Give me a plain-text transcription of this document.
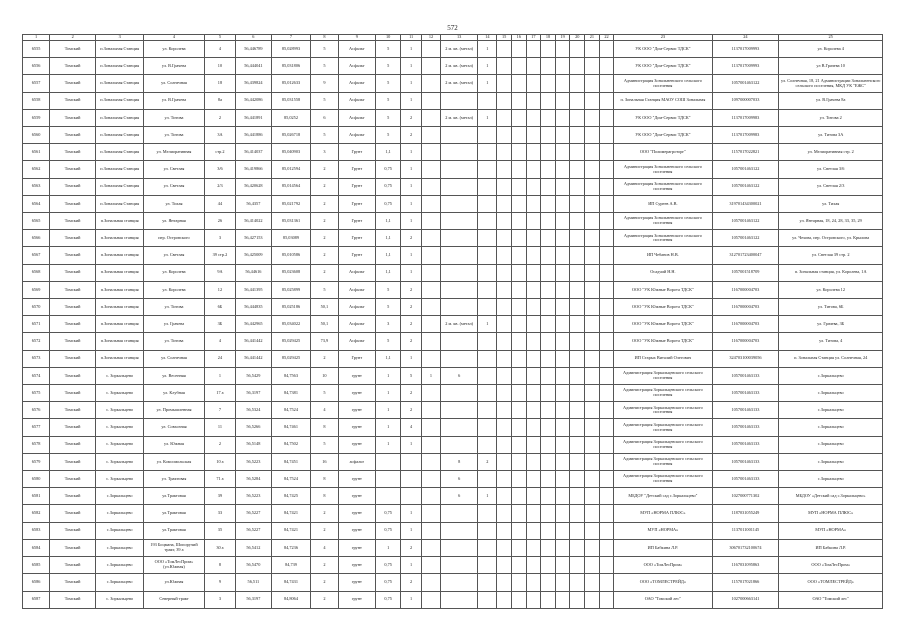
572
1	2	3	4	5	6	7	8	9	10	11	12	13	14	15	16	17	18	19	20	21	22	23	24	25
6555	Томский	п.Зональная Станция	ул. Королева	4	56,446789	85,028993	5	Асфальт	5	1		2 м. кв. (метал)	1									УК ООО "Дом-Сервис ТДСК"	1137017009993	ул. Королева 4
6556	Томский	п.Зональная Станция	ул. В.Грачева	10	56,444041	85,031806	5	Асфальт	5	1		2 м. кв. (метал)	1									УК ООО "Дом-Сервис ТДСК"	1137017009993	ул В.Грачева 10
6557	Томский	п.Зональная Станция	ул. Солнечная	18	56,439824	85,012633	9	Асфальт	5	1		2 м. кв. (метал)	1									Администрация Зональненского сельского поселения	1057001463122	ул. Солнечная, 18, 21 Администрации Зональненского сельского поселения, МКД УК "ЕЖС"
6558	Томский	п.Зональная Станция	ул. В.Грачева	8а	56,442086	85,031558	5	Асфальт	5	1												п. Зональная Станция МАОУ СОШ Зональная	1097000007033	ул. В.Грачева 8а
6559	Томский	п.Зональная Станция	ул. Титова	2	56,441891	85,0252	6	Асфальт	5	2		2 м. кв. (метал)	1									УК ООО "Дом-Сервис ТДСК"	1137017009983	ул. Титова 2
6560	Томский	п.Зональная Станция	ул. Титова	3А	56,441886	85,026718	5	Асфальт	5	2												УК ООО "Дом-Сервис ТДСК"	1137017009983	ул. Титова 3А
6561	Томский	п.Зональная Станция	ул. Мелиоративная	стр.2	56,414037	85,040903	3	Грунт	1,1	1												ООО "Полимерагроторг"	1157017022821	ул. Мелиоративная стр. 2
6562	Томский	п.Зональная Станция	ул. Светлая	3/6	56,419866	85,012594	2	Грунт	0,75	1												Администрация Зональненского сельского поселения	1057001463122	ул. Светлая 3/6
6563	Томский	п.Зональная Станция	ул. Светлая	2/3	56,420628	85,014564	2	Грунт	0,75	1												Администрация Зональненского сельского поселения	1057001463122	ул. Светлая 2/3
6564	Томский	п.Зональная Станция	ул. Тихая	44	56,4357	85,021792	2	Грунт	0,75	1												ИП Суреев А.В.	319701434300021	ул. Тихая
6565	Томский	п.Зональная станция	ул. Янтарная	26	56,414022	85,031361	2	Грунт	1,1	1												Администрация Зональненского сельского поселения	1057001463122	ул. Янтарная, 18, 24, 28, 33, 35, 29
6566	Томский	п.Зональная станция	пер. Островского	3	56,427153	85,03089	2	Грунт	1,1	2												Администрация Зональненского сельского поселения	1057001463122	ул. Чехова, пер. Островского, ул. Крылова
6567	Томский	п.Зональная станция	ул. Светлая	39 стр.2	56,425009	85,010586	2	Грунт	1,1	1												ИП Чебанов Н.В.	312701723400047	ул. Светлая 39 стр. 2
6568	Томский	п.Зональная станция	ул. Королева	9А	56,44616	85,023608	2	Асфальт	1,1	1												Осадчий Н.Н.	1057001518709	п. Зональная станция, ул. Королева, 1А
6569	Томский	п.Зональная станция	ул. Королева	12	56,441395	85,025899	5	Асфальт	5	2												ООО "УК Южные Ворота ТДСК"	1167000004703	ул. Королева 12
6570	Томский	п.Зональная станция	ул. Титова	6Б	56,444835	85,025186	50,1	Асфальт	5	2												ООО "УК Южные Ворота ТДСК"	1167000004703	ул. Титова, 6Б
6571	Томский	п.Зональная станция	ул. Грачева	3Б	56,442965	85,034022	50,1	Асфальт	3	2		2 м. кв. (метал)	1									ООО "УК Южные Ворота ТДСК"	1167000004703	ул. Грачева, 3Б
6572	Томский	п.Зональная станция	ул. Титова	4	56,441442	85,029425	73,9	Асфальт	5	2												ООО "УК Южные Ворота ТДСК"	1167000004703	ул. Титова, 4
6573	Томский	п.Зональная станция	ул. Солнечная	24	56,441442	85,029425	2	Грунт	1,1	1												ИП Старых Виталий Олегович	324703100039056	п. Зональная Станция ул. Солнечная, 24
6574	Томский	с. Зоркальцево	ул. Весенняя	1	56,5429	84,7563	10	грунт	1	5	1	6										Администрация Зоркальцевского сельского поселения	1057001463133	с.Зоркальцево
6575	Томский	с. Зоркальцево	ул. Клубная	17 а	56,3197	84,7381	5	грунт	1	2												Администрация Зоркальцевского сельского поселения	1057001463133	с.Зоркальцево
6576	Томский	с. Зоркальцево	ул. Промышленная	7	56,5324	84,7524	4	грунт	1	2												Администрация Зоркальцевского сельского поселения	1057001463133	с.Зоркальцево
6577	Томский	с. Зоркальцево	ул. Совхозная	11	56,5266	84,7461	8	грунт	1	4												Администрация Зоркальцевского сельского поселения	1057001463133	с.Зоркальцево
6578	Томский	с. Зоркальцево	ул. Южная	2	56,5148	84,7502	5	грунт	1	1												Администрация Зоркальцевского сельского поселения	1057001463133	с.Зоркальцево
6579	Томский	с. Зоркальцево	ул. Комсомольская	10 а	56,5223	84,7451	16	асфальт				8	2									Администрация Зоркальцевского сельского поселения	1057001463133	с.Зоркальцево
6580	Томский	с. Зоркальцево	ул. Трактовая	71 а	56,5284	84,7524	8	грунт				6										Администрация Зоркальцевского сельского поселения	1057001463133	с.Зоркальцево
6581	Томский	с.Зоркальцево	ул.Трактовая	39	56,5223	84,7425	8	грунт				6	1									МБДОУ "Детский сад с.Зоркальцево"	1027000771302	МБДОУ «Детский сад с.Зоркальцево»
6582	Томский	с.Зоркальцево	ул.Трактовая	33	56,5227	84,7421	2	грунт	0,75	1												МУП «НОРМА ПЛЮС»	1187031055249	МУП «НОРМА ПЛЮС»
6583	Томский	с.Зоркальцево	ул.Трактовая	35	56,5227	84,7421	2	грунт	0,75	1												МУП «НОРМА»	1137011001145	МУП «НОРМА»
6584	Томский	с.Зоркальцево	193 Боцмана, Шопоручий тракт, 39 а	30 а	56,5412	84,7236	4	грунт	1	2												ИП Бабкина Л.Р.	306701732100674	ИП Бабкина Л.Р.
6585	Томский	с.Зоркальцево	ООО «ТомЛесПром» (ул.Южная)	8	56,5470	84,739	2	грунт	0,75	1												ООО «ТомЛесПром»	1167031095863	ООО «ТомЛесПром»
6586	Томский	с.Зоркальцево	ул.Южная	9	56,511	84,7431	2	грунт	0,75	2												ООО «ТОМЛЕСТРЕЙД»	1157017021866	ООО «ТОМЛЕСТРЕЙД»
6587	Томский	с. Зоркальцево	Северный тракт	3	56,3197	84,8064	2	грунт	0,75	1												ОАО "Томский лес"	1027000663141	ОАО "Томский лес"
